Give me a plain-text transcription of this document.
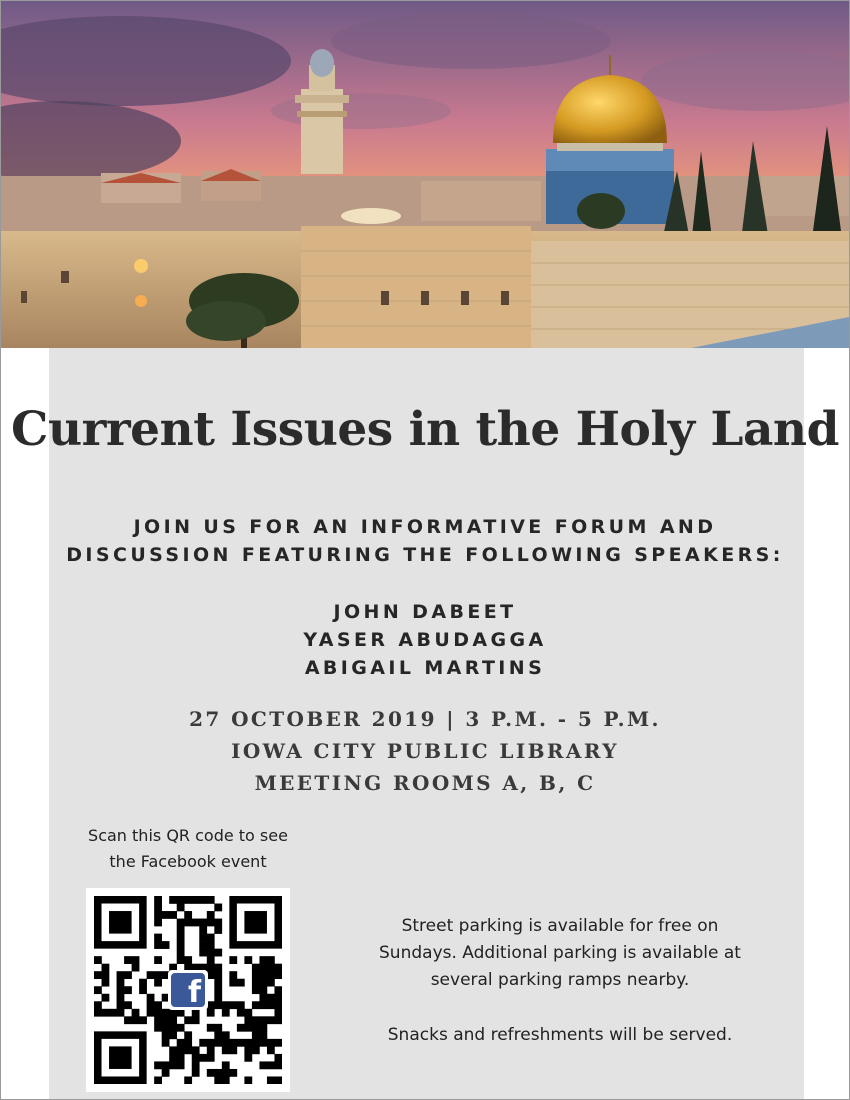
Current Issues in the Holy Land
JOIN US FOR AN INFORMATIVE FORUM AND
DISCUSSION FEATURING THE FOLLOWING SPEAKERS:
JOHN DABEET
YASER ABUDAGGA
ABIGAIL MARTINS
27 OCTOBER 2019 | 3 P.M. - 5 P.M.
IOWA CITY PUBLIC LIBRARY
MEETING ROOMS A, B, C
Scan this QR code to see
the Facebook event
f
Street parking is available for free on
Sundays. Additional parking is available at
several parking ramps nearby.
Snacks and refreshments will be served.
